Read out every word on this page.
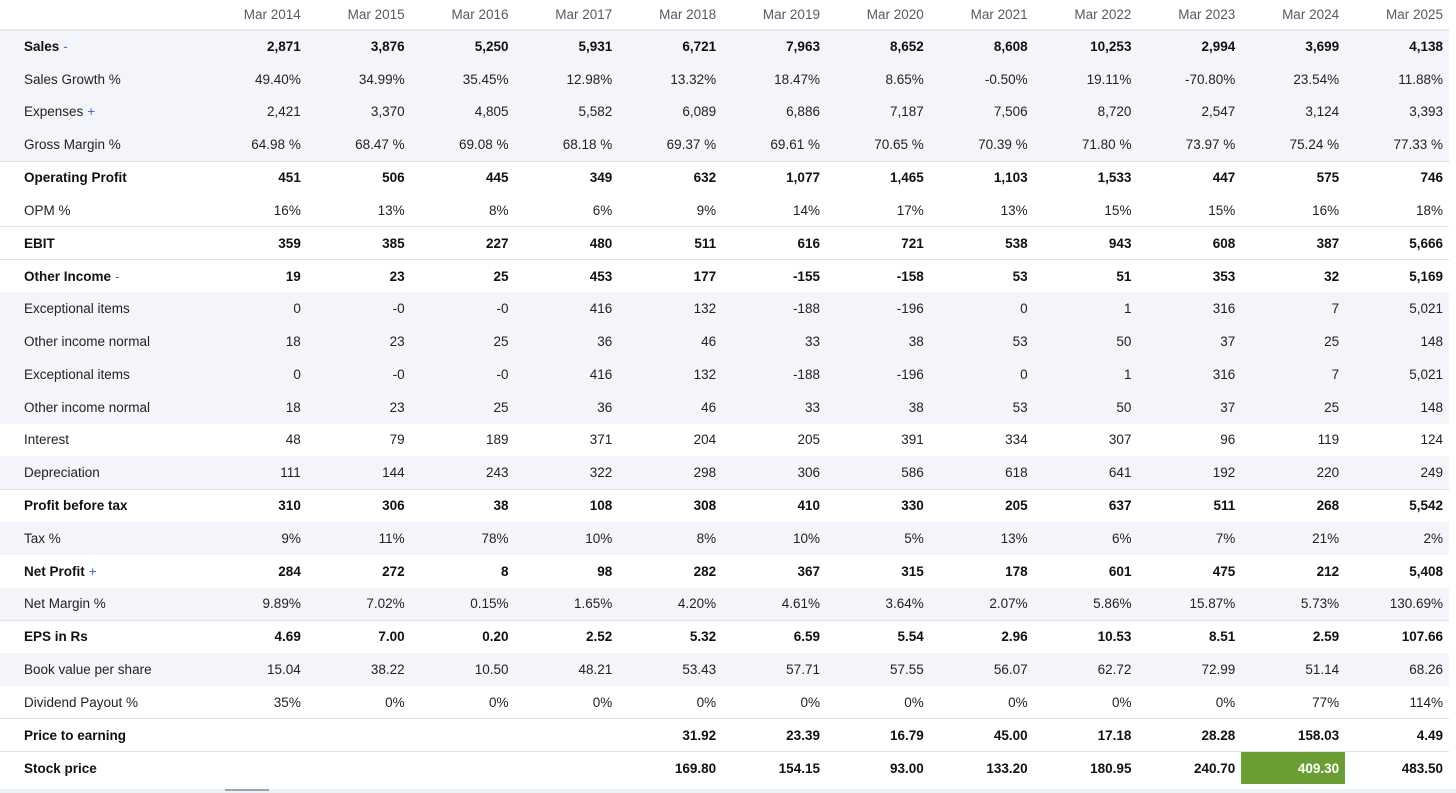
	Mar 2014	Mar 2015	Mar 2016	Mar 2017	Mar 2018	Mar 2019	Mar 2020	Mar 2021	Mar 2022	Mar 2023	Mar 2024	Mar 2025
Sales -	2,871	3,876	5,250	5,931	6,721	7,963	8,652	8,608	10,253	2,994	3,699	4,138
Sales Growth %	49.40%	34.99%	35.45%	12.98%	13.32%	18.47%	8.65%	-0.50%	19.11%	-70.80%	23.54%	11.88%
Expenses +	2,421	3,370	4,805	5,582	6,089	6,886	7,187	7,506	8,720	2,547	3,124	3,393
Gross Margin %	64.98 %	68.47 %	69.08 %	68.18 %	69.37 %	69.61 %	70.65 %	70.39 %	71.80 %	73.97 %	75.24 %	77.33 %
Operating Profit	451	506	445	349	632	1,077	1,465	1,103	1,533	447	575	746
OPM %	16%	13%	8%	6%	9%	14%	17%	13%	15%	15%	16%	18%
EBIT	359	385	227	480	511	616	721	538	943	608	387	5,666
Other Income -	19	23	25	453	177	-155	-158	53	51	353	32	5,169
Exceptional items	0	-0	-0	416	132	-188	-196	0	1	316	7	5,021
Other income normal	18	23	25	36	46	33	38	53	50	37	25	148
Exceptional items	0	-0	-0	416	132	-188	-196	0	1	316	7	5,021
Other income normal	18	23	25	36	46	33	38	53	50	37	25	148
Interest	48	79	189	371	204	205	391	334	307	96	119	124
Depreciation	111	144	243	322	298	306	586	618	641	192	220	249
Profit before tax	310	306	38	108	308	410	330	205	637	511	268	5,542
Tax %	9%	11%	78%	10%	8%	10%	5%	13%	6%	7%	21%	2%
Net Profit +	284	272	8	98	282	367	315	178	601	475	212	5,408
Net Margin %	9.89%	7.02%	0.15%	1.65%	4.20%	4.61%	3.64%	2.07%	5.86%	15.87%	5.73%	130.69%
EPS in Rs	4.69	7.00	0.20	2.52	5.32	6.59	5.54	2.96	10.53	8.51	2.59	107.66
Book value per share	15.04	38.22	10.50	48.21	53.43	57.71	57.55	56.07	62.72	72.99	51.14	68.26
Dividend Payout %	35%	0%	0%	0%	0%	0%	0%	0%	0%	0%	77%	114%
Price to earning					31.92	23.39	16.79	45.00	17.18	28.28	158.03	4.49
Stock price					169.80	154.15	93.00	133.20	180.95	240.70	409.30	483.50
